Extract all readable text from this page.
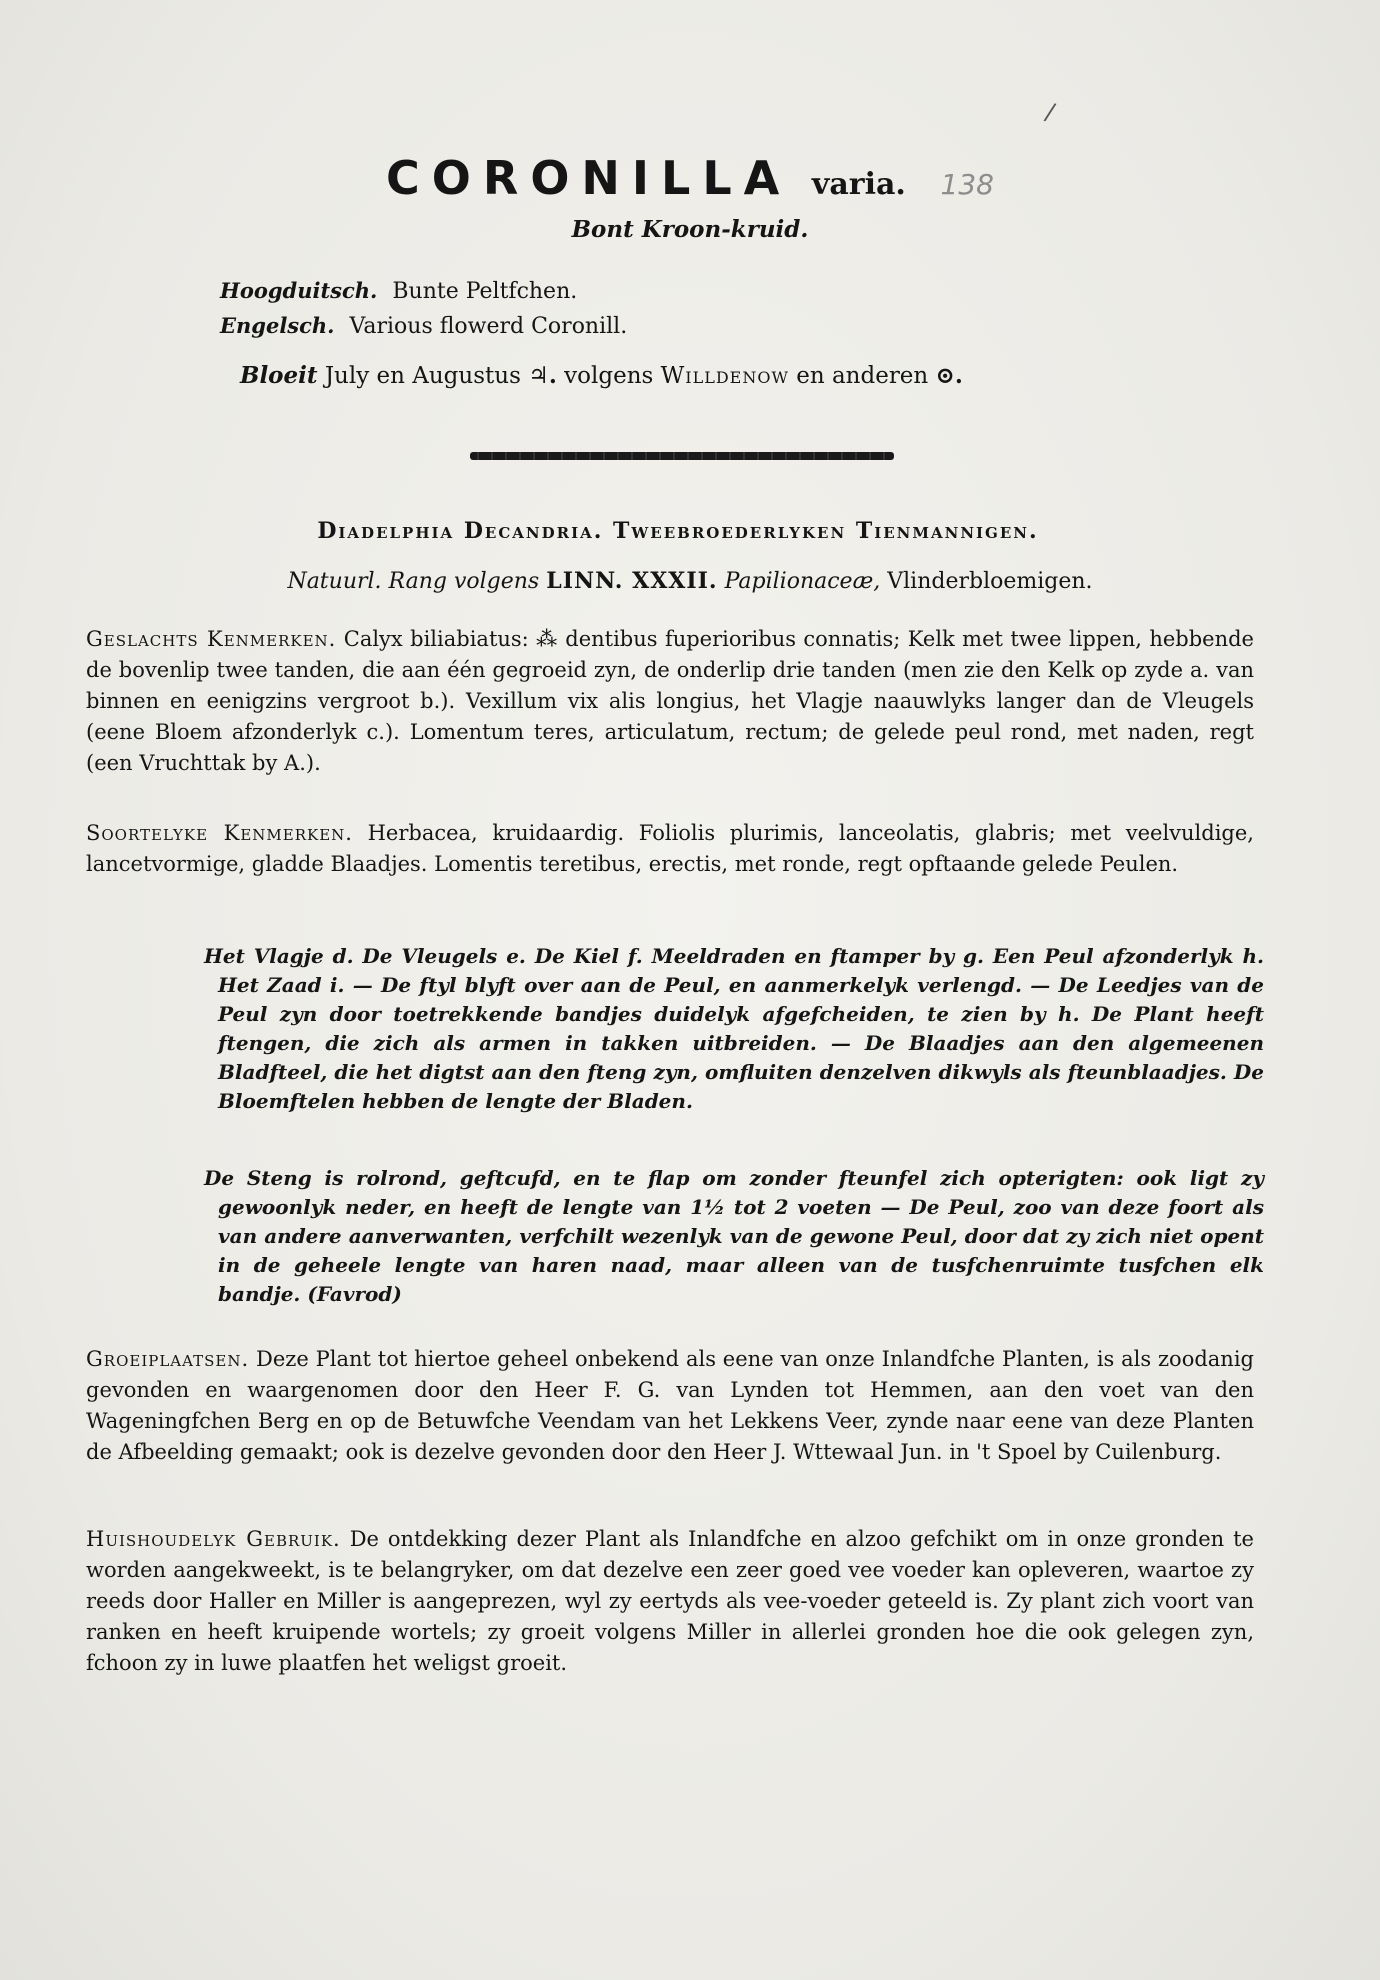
/
CORONILLA varia. 138
Bont Kroon-kruid.
Hoogduitsch. Bunte Peltfchen.
Engelsch. Various flowerd Coronill.
Bloeit July en Augustus ♃. volgens Willdenow en anderen ⊙.
Diadelphia Decandria. Tweebroederlyken Tienmannigen.
Natuurl. Rang volgens LINN. XXXII. Papilionaceæ, Vlinderbloemigen.
Geslachts Kenmerken. Calyx biliabiatus: ⁂ dentibus fuperioribus connatis; Kelk met twee lippen, hebbende de bovenlip twee tanden, die aan één gegroeid zyn, de onderlip drie tanden (men zie den Kelk op zyde a. van binnen en eenigzins vergroot b.). Vexillum vix alis longius, het Vlagje naauwlyks langer dan de Vleugels (eene Bloem afzonderlyk c.). Lomentum teres, articulatum, rectum; de gelede peul rond, met naden, regt (een Vruchttak by A.).
Soortelyke Kenmerken. Herbacea, kruidaardig. Foliolis plurimis, lanceolatis, glabris; met veelvuldige, lancetvormige, gladde Blaadjes. Lomentis teretibus, erectis, met ronde, regt opftaande gelede Peulen.
Het Vlagje d. De Vleugels e. De Kiel f. Meeldraden en ftamper by g. Een Peul afzonderlyk h. Het Zaad i. — De ftyl blyft over aan de Peul, en aanmerkelyk verlengd. — De Leedjes van de Peul zyn door toetrekkende bandjes duidelyk afgefcheiden, te zien by h. De Plant heeft ftengen, die zich als armen in takken uitbreiden. — De Blaadjes aan den algemeenen Bladfteel, die het digtst aan den fteng zyn, omfluiten denzelven dikwyls als fteunblaadjes. De Bloemftelen hebben de lengte der Bladen.
De Steng is rolrond, geftcufd, en te flap om zonder fteunfel zich opterigten: ook ligt zy gewoonlyk neder, en heeft de lengte van 1½ tot 2 voeten — De Peul, zoo van deze foort als van andere aanverwanten, verfchilt wezenlyk van de gewone Peul, door dat zy zich niet opent in de geheele lengte van haren naad, maar alleen van de tusfchenruimte tusfchen elk bandje. (Favrod)
Groeiplaatsen. Deze Plant tot hiertoe geheel onbekend als eene van onze Inlandfche Planten, is als zoodanig gevonden en waargenomen door den Heer F. G. van Lynden tot Hemmen, aan den voet van den Wageningfchen Berg en op de Betuwfche Veendam van het Lekkens Veer, zynde naar eene van deze Planten de Afbeelding gemaakt; ook is dezelve gevonden door den Heer J. Wttewaal Jun. in 't Spoel by Cuilenburg.
Huishoudelyk Gebruik. De ontdekking dezer Plant als Inlandfche en alzoo gefchikt om in onze gronden te worden aangekweekt, is te belangryker, om dat dezelve een zeer goed vee voeder kan opleveren, waartoe zy reeds door Haller en Miller is aangeprezen, wyl zy eertyds als vee-voeder geteeld is. Zy plant zich voort van ranken en heeft kruipende wortels; zy groeit volgens Miller in allerlei gronden hoe die ook gelegen zyn, fchoon zy in luwe plaatfen het weligst groeit.
